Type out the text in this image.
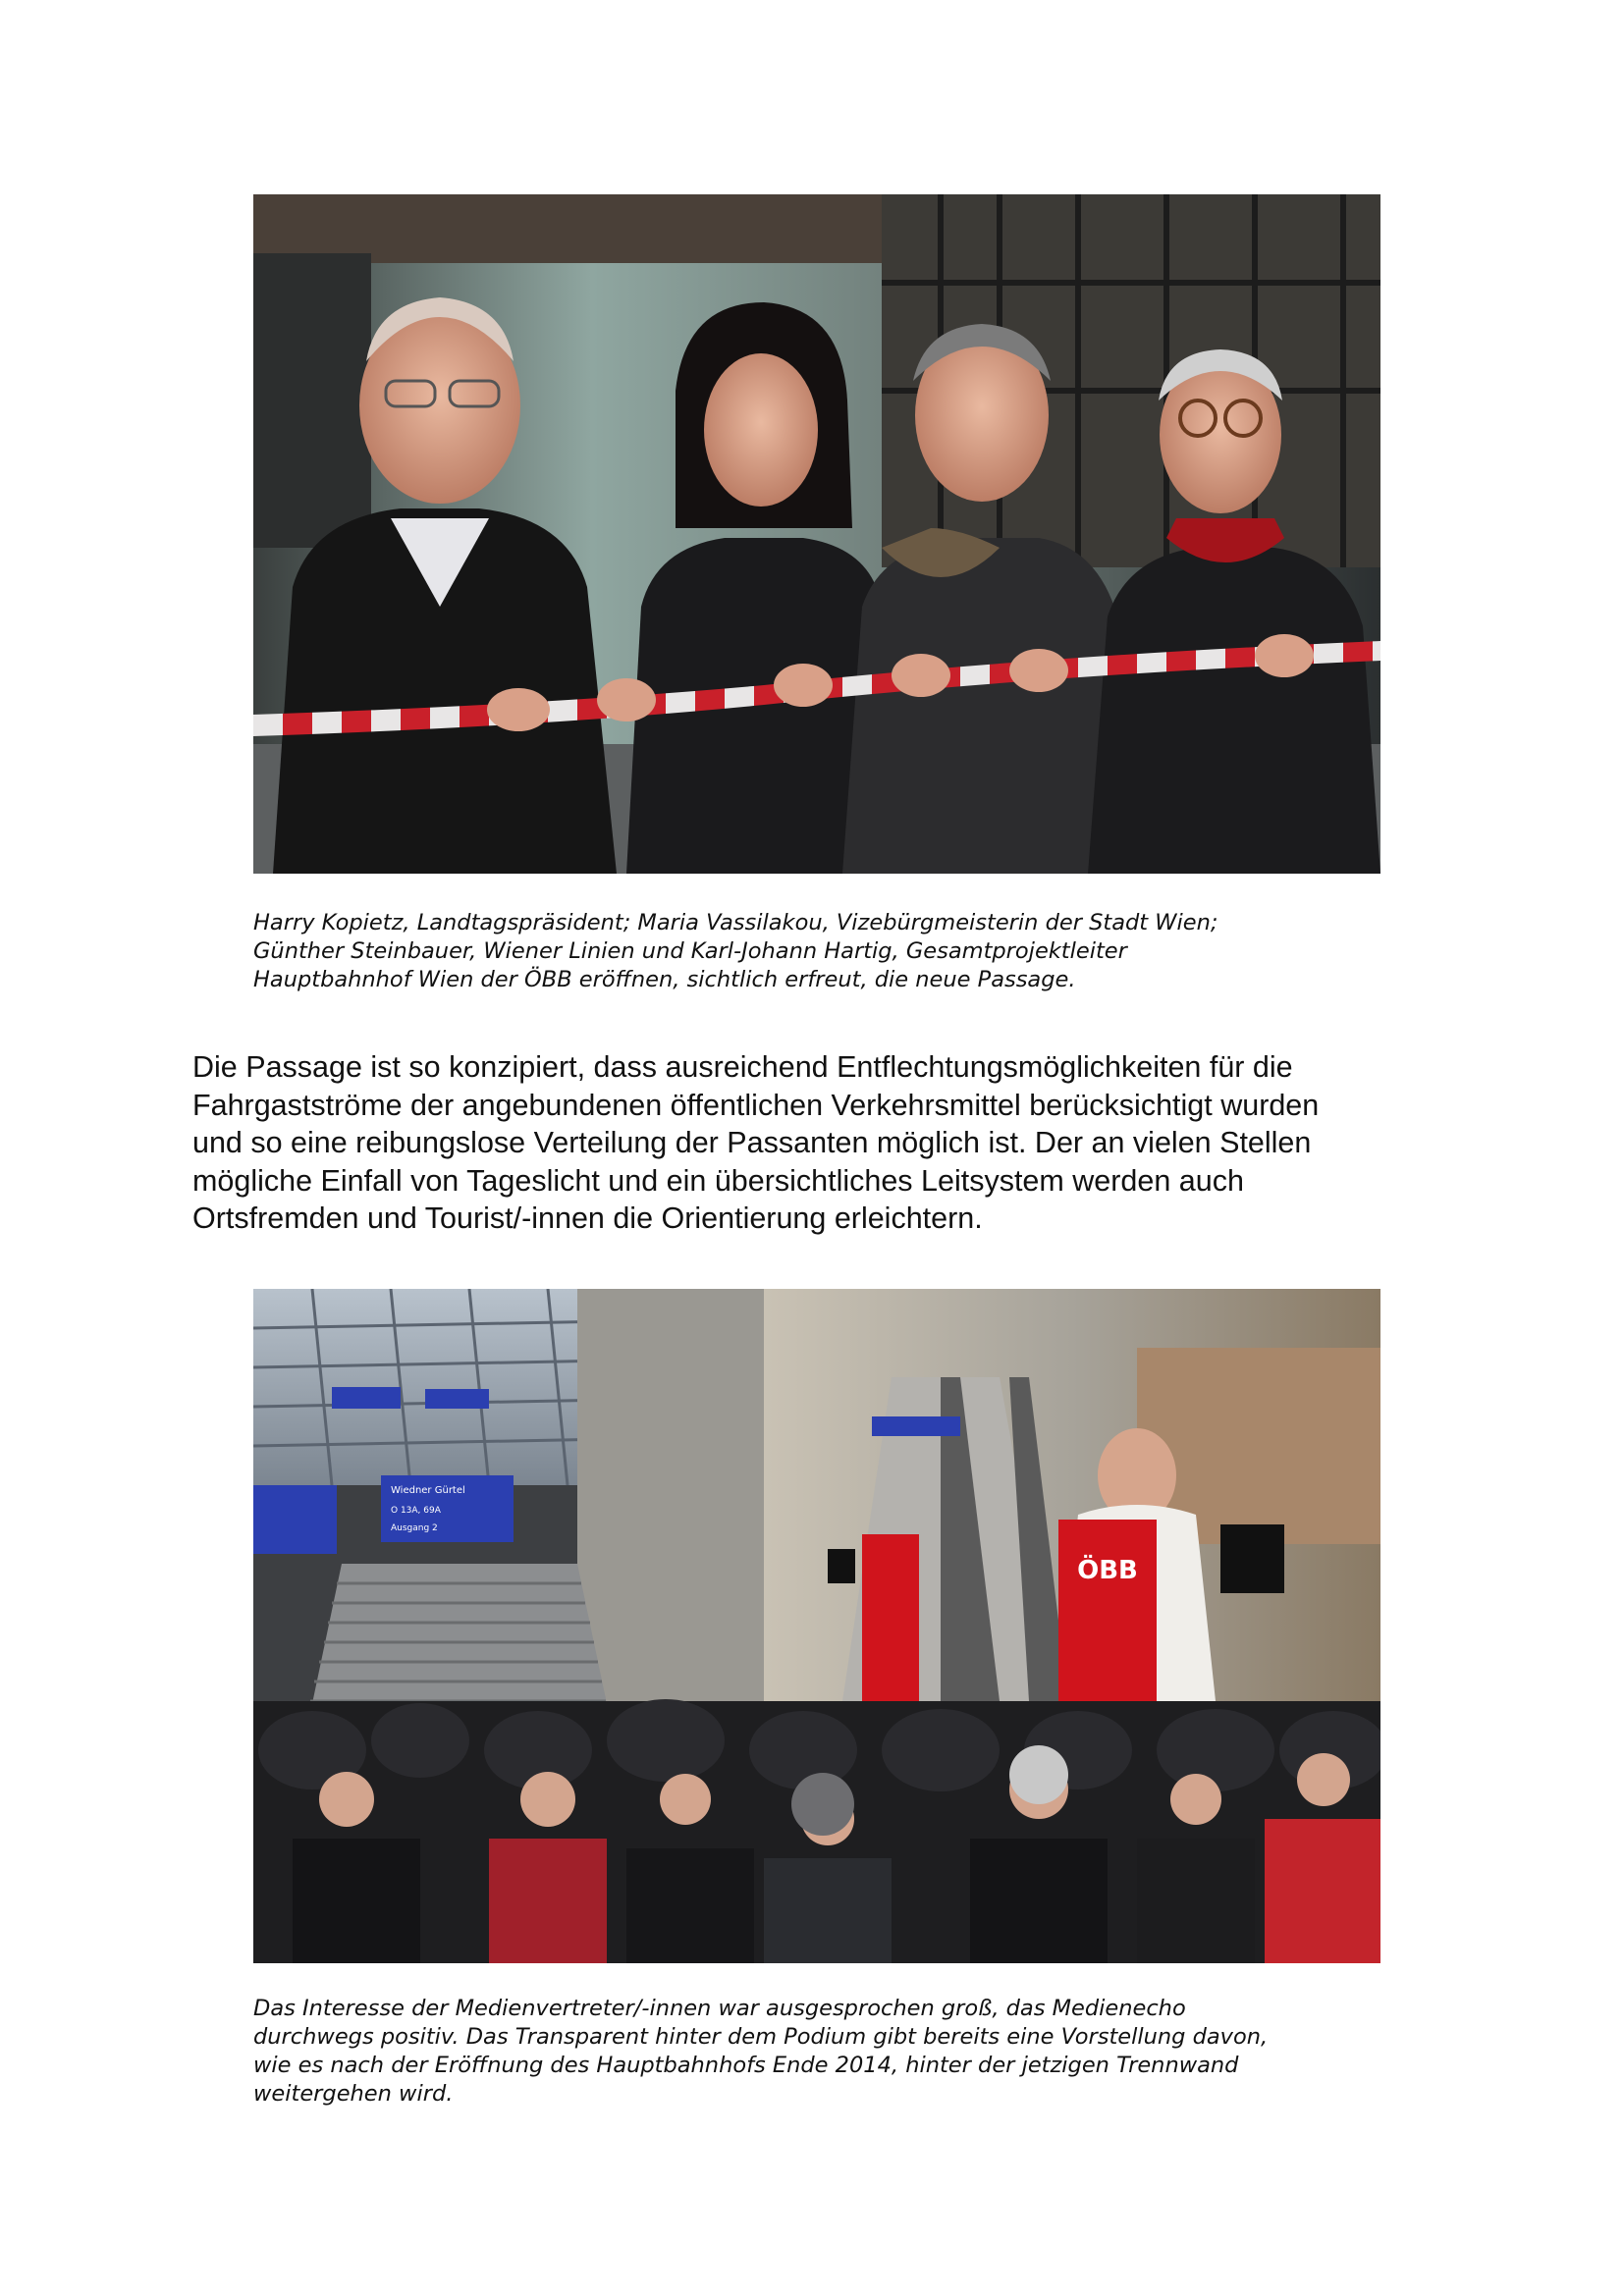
Harry Kopietz, Landtagspräsident; Maria Vassilakou, Vizebürgmeisterin der Stadt Wien;
Günther Steinbauer, Wiener Linien und Karl-Johann Hartig, Gesamtprojektleiter
Hauptbahnhof Wien der ÖBB eröffnen, sichtlich erfreut, die neue Passage.

Die Passage ist so konzipiert, dass ausreichend Entflechtungsmöglichkeiten für die
Fahrgastströme der angebundenen öffentlichen Verkehrsmittel berücksichtigt wurden
und so eine reibungslose Verteilung der Passanten möglich ist. Der an vielen Stellen
mögliche Einfall von Tageslicht und ein übersichtliches Leitsystem werden auch
Ortsfremden und Tourist/-innen die Orientierung erleichtern.

Wiedner Gürtel
O 13A, 69A
Ausgang 2
ÖBB

Das Interesse der Medienvertreter/-innen war ausgesprochen groß, das Medienecho
durchwegs positiv. Das Transparent hinter dem Podium gibt bereits eine Vorstellung davon,
wie es nach der Eröffnung des Hauptbahnhofs Ende 2014, hinter der jetzigen Trennwand
weitergehen wird.
